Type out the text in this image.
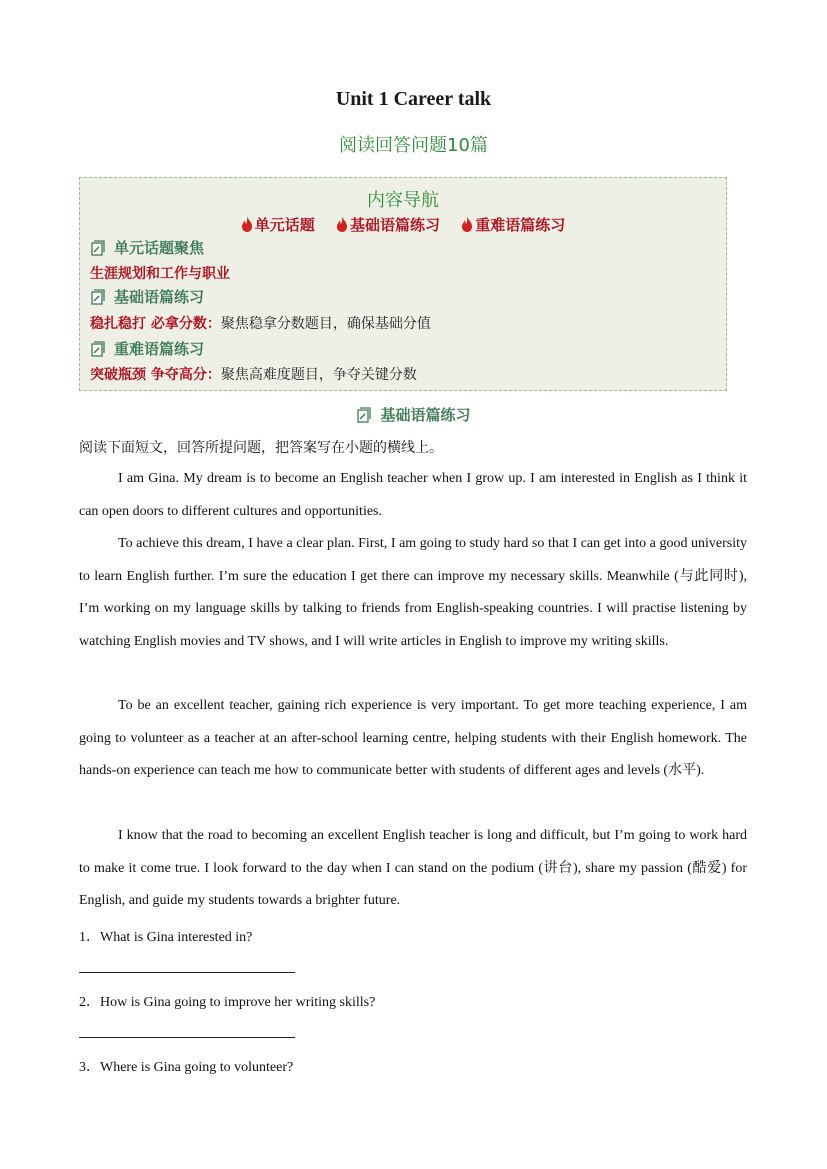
Unit 1 Career talk
阅读回答问题10篇
内容导航
单元话题 基础语篇练习 重难语篇练习
单元话题聚焦
生涯规划和工作与职业
基础语篇练习
稳扎稳打 必拿分数：聚焦稳拿分数题目，确保基础分值
重难语篇练习
突破瓶颈 争夺高分：聚焦高难度题目，争夺关键分数
基础语篇练习
阅读下面短文，回答所提问题，把答案写在小题的横线上。
I am Gina. My dream is to become an English teacher when I grow up. I am interested in English as I think it can open doors to different cultures and opportunities.
To achieve this dream, I have a clear plan. First, I am going to study hard so that I can get into a good university to learn English further. I’m sure the education I get there can improve my necessary skills. Meanwhile (与此同时), I’m working on my language skills by talking to friends from English-speaking countries. I will practise listening by watching English movies and TV shows, and I will write articles in English to improve my writing skills.
To be an excellent teacher, gaining rich experience is very important. To get more teaching experience, I am going to volunteer as a teacher at an after-school learning centre, helping students with their English homework. The hands-on experience can teach me how to communicate better with students of different ages and levels (水平).
I know that the road to becoming an excellent English teacher is long and difficult, but I’m going to work hard to make it come true. I look forward to the day when I can stand on the podium (讲台), share my passion (酷爱) for English, and guide my students towards a brighter future.
1．What is Gina interested in?
2．How is Gina going to improve her writing skills?
3．Where is Gina going to volunteer?
